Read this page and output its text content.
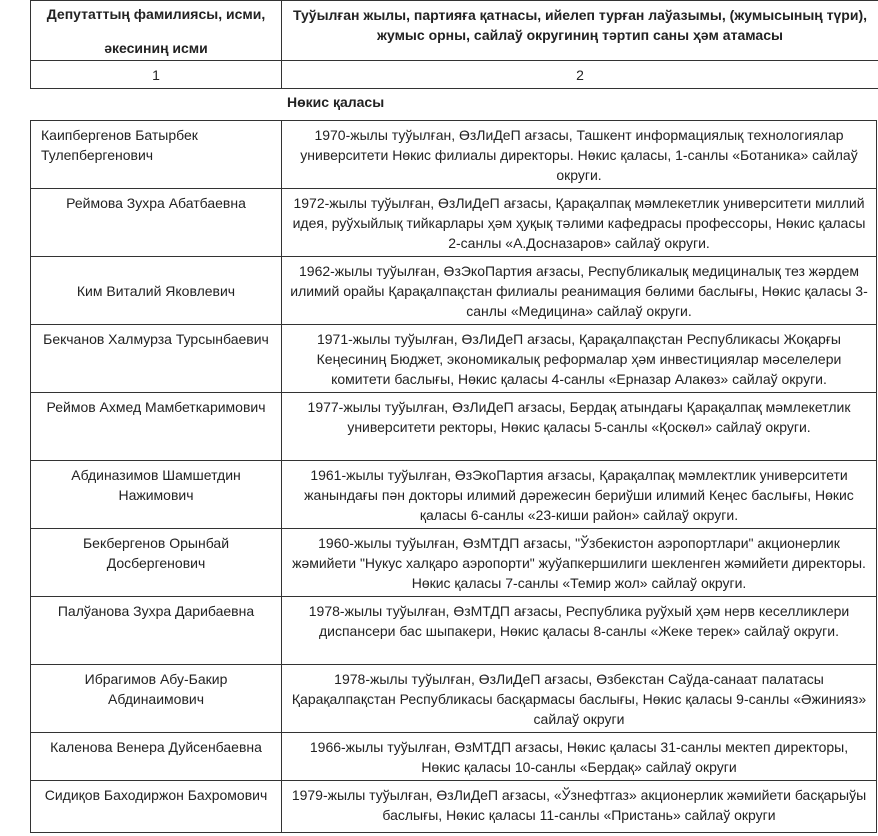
Депутаттың фамилиясы, исми,
әкесиниң исми	Туўылған жылы, партияға қатнасы, ийелеп турған лаўазымы, (жумысының түри), жумыс орны, сайлаў округиниң тәртип саны ҳәм атамасы
1	2
Нөкис қаласы
Каипбергенов Батырбек Тулепбергенович	1970-жылы туўылған, ӨзЛиДеП ағзасы, Ташкент информациялық технологиялар университети Нөкис филиалы директоры. Нөкис қаласы, 1-санлы «Ботаника» сайлаў округи.
Реймова Зухра Абатбаевна	1972-жылы туўылған, ӨзЛиДеП ағзасы, Қарақалпақ мәмлекетлик университети миллий идея, руўхыйлық тийкарлары ҳәм ҳуқық тәлими кафедрасы профессоры, Нөкис қаласы 2-санлы «А.Досназаров» сайлаў округи.
Ким Виталий Яковлевич	1962-жылы туўылған, ӨзЭкоПартия ағзасы, Республикалық медициналық тез жәрдем илимий орайы Қарақалпақстан филиалы реанимация бөлими баслығы, Нөкис қаласы 3-санлы «Медицина» сайлаў округи.
Бекчанов Халмурза Турсынбаевич	1971-жылы туўылған, ӨзЛиДеП ағзасы, Қарақалпақстан Республикасы Жоқарғы Кеңесиниң Бюджет, экономикалық реформалар ҳәм инвестициялар мәселелери комитети баслығы, Нөкис қаласы 4-санлы «Ерназар Алакөз» сайлаў округи.
Реймов Ахмед Мамбеткаримович	1977-жылы туўылған, ӨзЛиДеП ағзасы, Бердақ атындағы Қарақалпақ мәмлекетлик университети ректоры, Нөкис қаласы 5-санлы «Қоскөл» сайлаў округи.
Абдиназимов Шамшетдин Нажимович	1961-жылы туўылған, ӨзЭкоПартия ағзасы, Қарақалпақ мәмлектлик университети жанындағы пән докторы илимий дәрежесин бериўши илимий Кеңес баслығы, Нөкис қаласы 6-санлы «23-киши район» сайлаў округи.
Бекбергенов Орынбай Досбергенович	1960-жылы туўылған, ӨзМТДП ағзасы, "Ўзбекистон аэропортлари" акционерлик жәмийети "Нукус халқаро аэропорти" жуўапкершилиги шекленген жәмийети директоры. Нөкис қаласы 7-санлы «Темир жол» сайлаў округи.
Палўанова Зухра Дарибаевна	1978-жылы туўылған, ӨзМТДП ағзасы, Республика руўхый ҳәм нерв кеселликлери диспансери бас шыпакери, Нөкис қаласы 8-санлы «Жеке терек» сайлаў округи.
Ибрагимов Абу-Бакир Абдинаимович	1978-жылы туўылған, ӨзЛиДеП ағзасы, Өзбекстан Саўда-санаат палатасы Қарақалпақстан Республикасы басқармасы баслығы, Нөкис қаласы 9-санлы «Әжинияз» сайлаў округи
Каленова Венера Дуйсенбаевна	1966-жылы туўылған, ӨзМТДП ағзасы, Нөкис қаласы 31-санлы мектеп директоры, Нөкис қаласы 10-санлы «Бердақ» сайлаў округи
Сидиқов Баходиржон Бахромович	1979-жылы туўылған, ӨзЛиДеП ағзасы, «Ўзнефтгаз» акционерлик жәмийети басқарыўы баслығы, Нөкис қаласы 11-санлы «Пристань» сайлаў округи
